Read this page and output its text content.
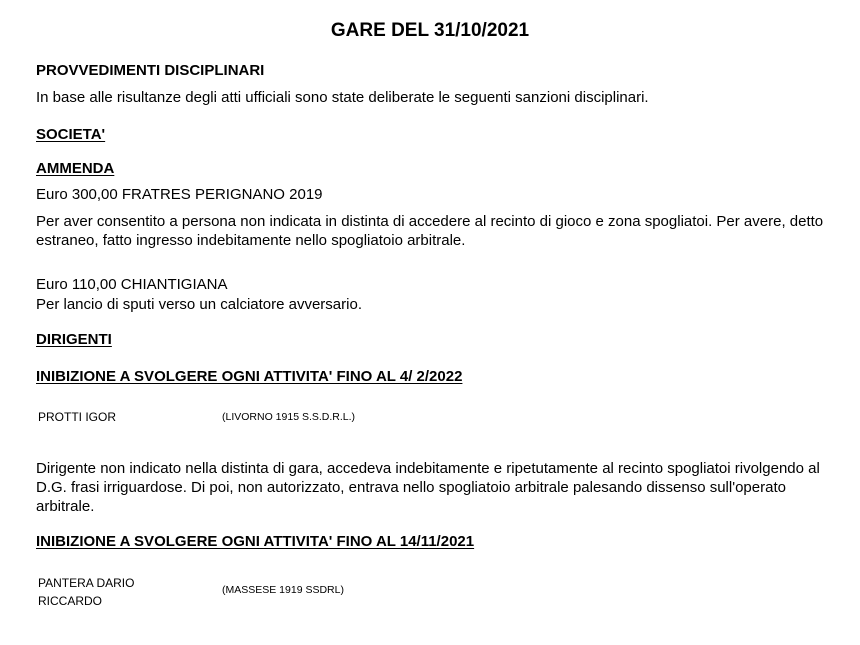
GARE DEL 31/10/2021
PROVVEDIMENTI DISCIPLINARI
In base alle risultanze degli atti ufficiali sono state deliberate le seguenti sanzioni disciplinari.
SOCIETA'
AMMENDA
Euro 300,00 FRATRES PERIGNANO 2019
Per aver consentito a persona non indicata in distinta di accedere al recinto di gioco e zona spogliatoi. Per avere, detto estraneo, fatto ingresso indebitamente nello spogliatoio arbitrale.
Euro 110,00 CHIANTIGIANA
Per lancio di sputi verso un calciatore avversario.
DIRIGENTI
INIBIZIONE A SVOLGERE OGNI ATTIVITA' FINO AL 4/ 2/2022
PROTTI IGOR	(LIVORNO 1915 S.S.D.R.L.)
Dirigente non indicato nella distinta di gara, accedeva indebitamente e ripetutamente al recinto spogliatoi rivolgendo al D.G. frasi irriguardose. Di poi, non autorizzato, entrava nello spogliatoio arbitrale palesando dissenso sull'operato arbitrale.
INIBIZIONE A SVOLGERE OGNI ATTIVITA' FINO AL 14/11/2021
PANTERA DARIO
RICCARDO
(MASSESE 1919 SSDRL)
